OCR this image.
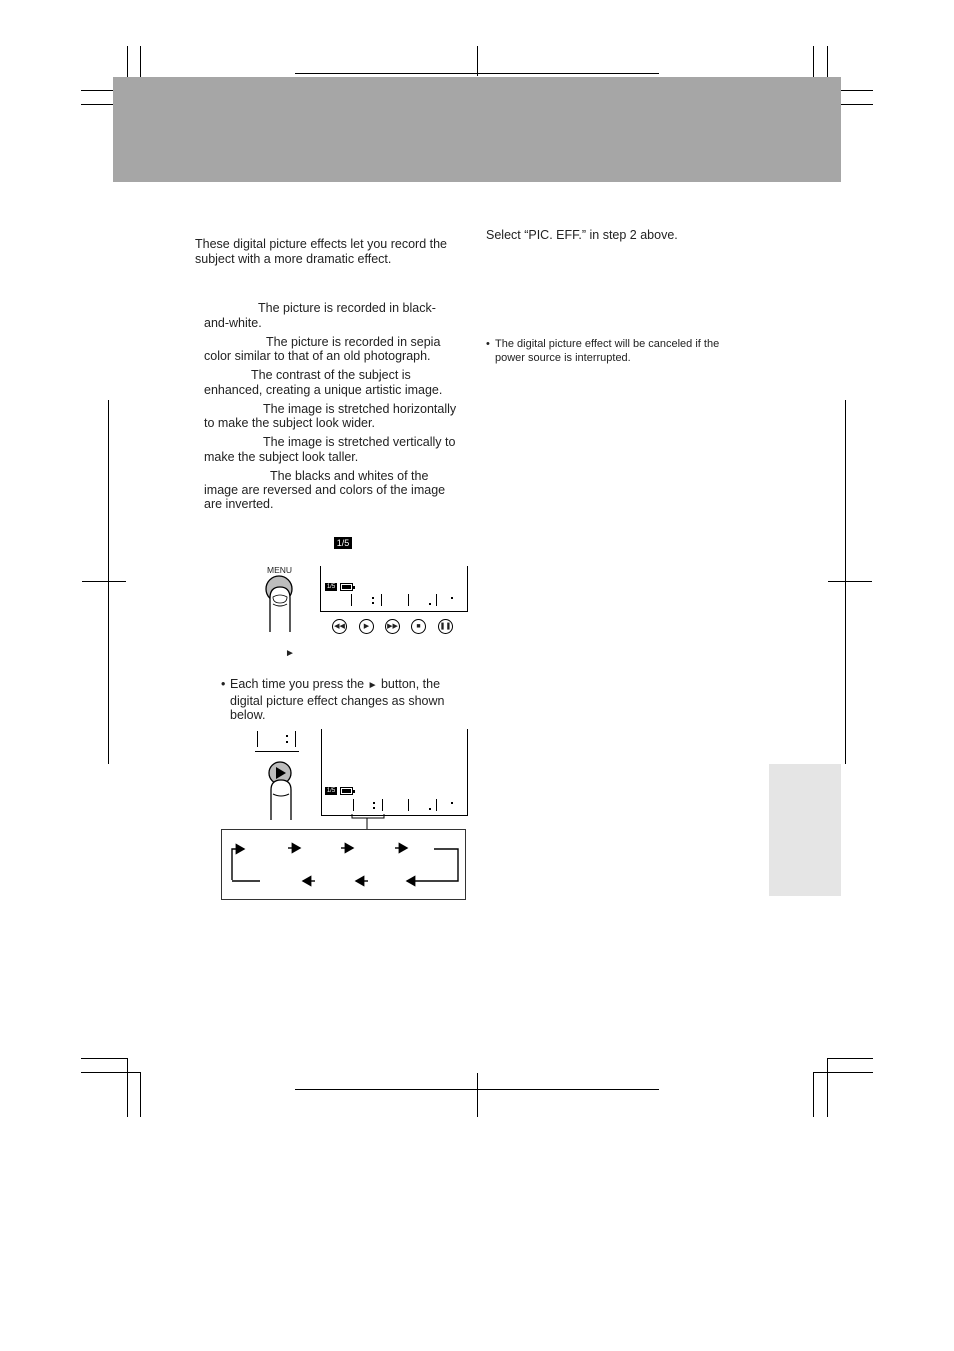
These digital picture effects let you record the subject with a more dramatic effect.
The picture is recorded in black-
and-white.
The picture is recorded in sepia
color similar to that of an old photograph.
The contrast of the subject is
enhanced, creating a unique artistic image.
The image is stretched horizontally
to make the subject look wider.
The image is stretched vertically to
make the subject look taller.
The blacks and whites of the
image are reversed and colors of the image
are inverted.
1/5
MENU
1/5
◀◀	▶	▶▶	■	❚❚
►
• Each time you press the ► button, the
digital picture effect changes as shown
below.
1/5
Select “PIC. EFF.” in step 2 above.
• The digital picture effect will be canceled if the
power source is interrupted.
